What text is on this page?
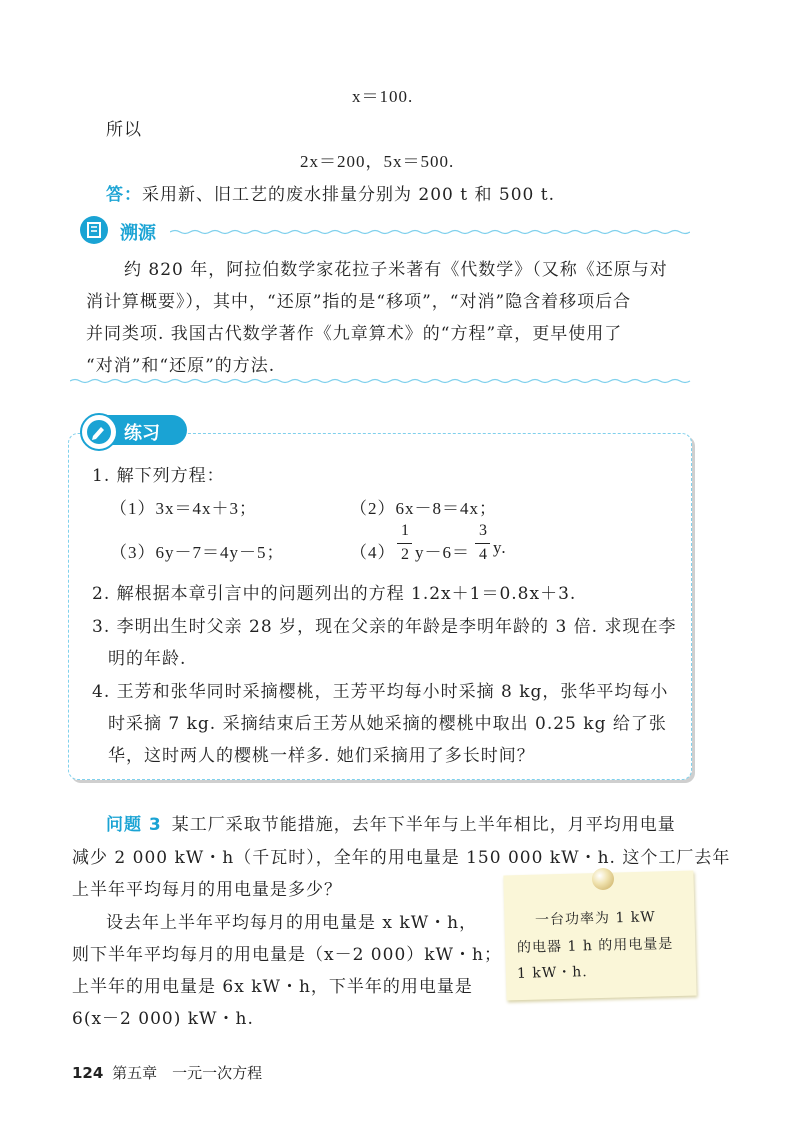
x＝100.
所以
2x＝200，5x＝500.
答：采用新、旧工艺的废水排量分别为 200 t 和 500 t.
溯源
约 820 年，阿拉伯数学家花拉子米著有《代数学》（又称《还原与对
消计算概要》），其中，“还原”指的是“移项”，“对消”隐含着移项后合
并同类项. 我国古代数学著作《九章算术》的“方程”章，更早使用了
“对消”和“还原”的方法.
练习
1. 解下列方程：
（1）3x＝4x＋3；	（2）6x－8＝4x；
（3）6y－7＝4y－5；	（4）
1
2 y－6＝
3
4 y.
2. 解根据本章引言中的问题列出的方程 1.2x＋1＝0.8x＋3.
3. 李明出生时父亲 28 岁，现在父亲的年龄是李明年龄的 3 倍. 求现在李
明的年龄.
4. 王芳和张华同时采摘樱桃，王芳平均每小时采摘 8 kg，张华平均每小
时采摘 7 kg. 采摘结束后王芳从她采摘的樱桃中取出 0.25 kg 给了张
华，这时两人的樱桃一样多. 她们采摘用了多长时间？
问题 3 某工厂采取节能措施，去年下半年与上半年相比，月平均用电量
减少 2 000 kW・h（千瓦时），全年的用电量是 150 000 kW・h. 这个工厂去年
上半年平均每月的用电量是多少？
设去年上半年平均每月的用电量是 x kW・h，
则下半年平均每月的用电量是（x－2 000）kW・h；
上半年的用电量是 6x kW・h，下半年的用电量是
6(x－2 000) kW・h.
　一台功率为 1 kW
的电器 1 h 的用电量是
1 kW・h.
124 第五章　一元一次方程
